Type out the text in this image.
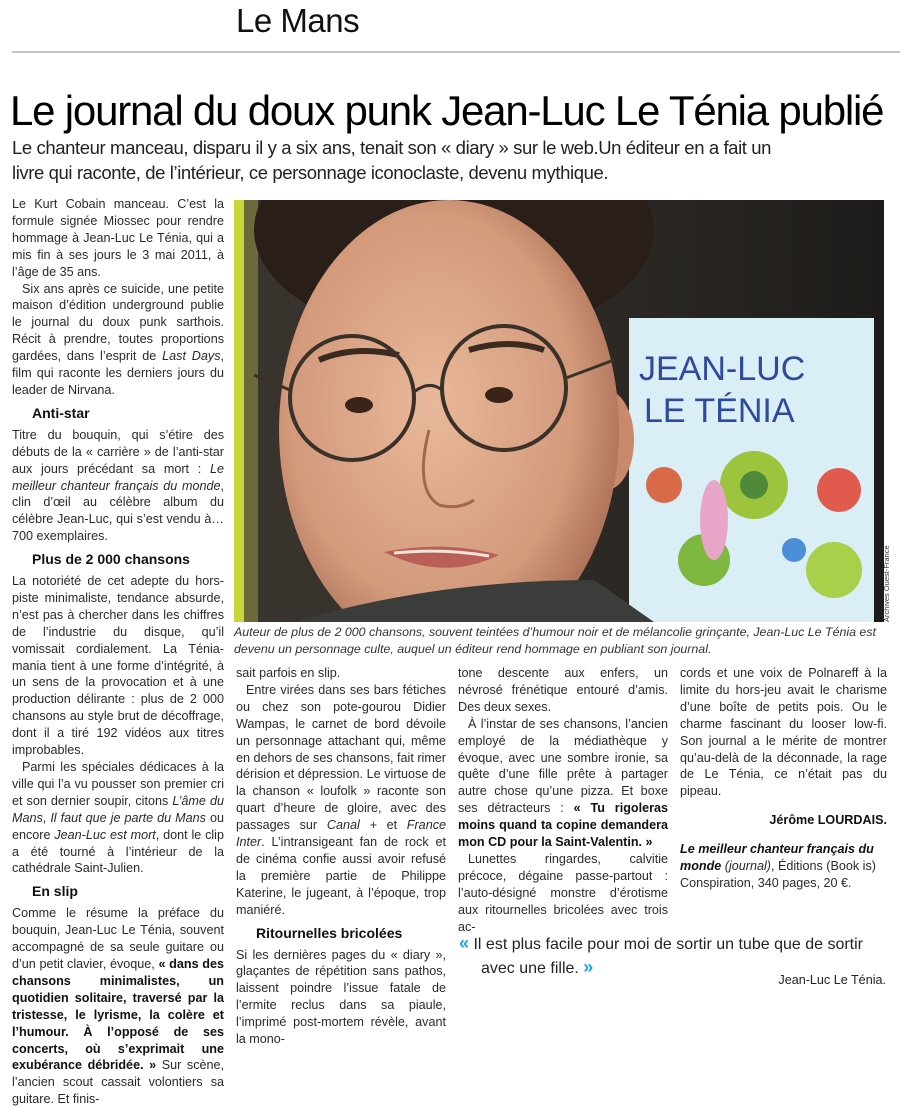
Le Mans
Le journal du doux punk Jean-Luc Le Ténia publié
Le chanteur manceau, disparu il y a six ans, tenait son « diary » sur le web.Un éditeur en a fait un livre qui raconte, de l’intérieur, ce personnage iconoclaste, devenu mythique.

Le Kurt Cobain manceau. C’est la formule signée Miossec pour rendre hommage à Jean-Luc Le Ténia, qui a mis fin à ses jours le 3 mai 2011, à l’âge de 35 ans.

Six ans après ce suicide, une petite maison d’édition underground publie le journal du doux punk sarthois. Récit à prendre, toutes proportions gardées, dans l’esprit de Last Days, film qui raconte les derniers jours du leader de Nirvana.

Anti-star

Titre du bouquin, qui s’étire des débuts de la « carrière » de l’anti-star aux jours précédant sa mort : Le meilleur chanteur français du monde, clin d’œil au célèbre album du célèbre Jean-Luc, qui s’est vendu à… 700 exemplaires.

Plus de 2 000 chansons

La notoriété de cet adepte du hors-piste minimaliste, tendance absurde, n’est pas à chercher dans les chiffres de l’industrie du disque, qu’il vomissait cordialement. La Ténia-mania tient à une forme d’intégrité, à un sens de la provocation et à une production délirante : plus de 2 000 chansons au style brut de décoffrage, dont il a tiré 192 vidéos aux titres improbables.

Parmi les spéciales dédicaces à la ville qui l’a vu pousser son premier cri et son dernier soupir, citons L’âme du Mans, Il faut que je parte du Mans ou encore Jean-Luc est mort, dont le clip a été tourné à l’intérieur de la cathédrale Saint-Julien.

En slip

Comme le résume la préface du bouquin, Jean-Luc Le Ténia, souvent accompagné de sa seule guitare ou d’un petit clavier, évoque, « dans des chansons minimalistes, un quotidien solitaire, traversé par la tristesse, le lyrisme, la colère et l’humour. À l’opposé de ses concerts, où s’exprimait une exubérance débridée. » Sur scène, l’ancien scout cassait volontiers sa guitare. Et finis-

JEAN-LUC
LE TÉNIA
Archives Ouest-France
Auteur de plus de 2 000 chansons, souvent teintées d’humour noir et de mélancolie grinçante, Jean-Luc Le Ténia est devenu un personnage culte, auquel un éditeur rend hommage en publiant son journal.

sait parfois en slip.

Entre virées dans ses bars fétiches ou chez son pote-gourou Didier Wampas, le carnet de bord dévoile un personnage attachant qui, même en dehors de ses chansons, fait rimer dérision et dépression. Le virtuose de la chanson « loufolk » raconte son quart d’heure de gloire, avec des passages sur Canal + et France Inter. L’intransigeant fan de rock et de cinéma confie aussi avoir refusé la première partie de Philippe Katerine, le jugeant, à l’époque, trop maniéré.

Ritournelles bricolées

Si les dernières pages du « diary », glaçantes de répétition sans pathos, laissent poindre l’issue fatale de l’ermite reclus dans sa piaule, l’imprimé post-mortem révèle, avant la mono-

tone descente aux enfers, un névrosé frénétique entouré d’amis. Des deux sexes.

À l’instar de ses chansons, l’ancien employé de la médiathèque y évoque, avec une sombre ironie, sa quête d’une fille prête à partager autre chose qu’une pizza. Et boxe ses détracteurs : « Tu rigoleras moins quand ta copine demandera mon CD pour la Saint-Valentin. »

Lunettes ringardes, calvitie précoce, dégaine passe-partout : l’auto-désigné monstre d’érotisme aux ritournelles bricolées avec trois ac-

cords et une voix de Polnareff à la limite du hors-jeu avait le charisme d’une boîte de petits pois. Ou le charme fascinant du looser low-fi. Son journal a le mérite de montrer qu’au-delà de la déconnade, la rage de Le Ténia, ce n’était pas du pipeau.

Jérôme LOURDAIS.

Le meilleur chanteur français du monde (journal), Éditions (Book is) Conspiration, 340 pages, 20 €.

« Il est plus facile pour moi de sortir un tube que de sortir avec une fille. »
Jean-Luc Le Ténia.
